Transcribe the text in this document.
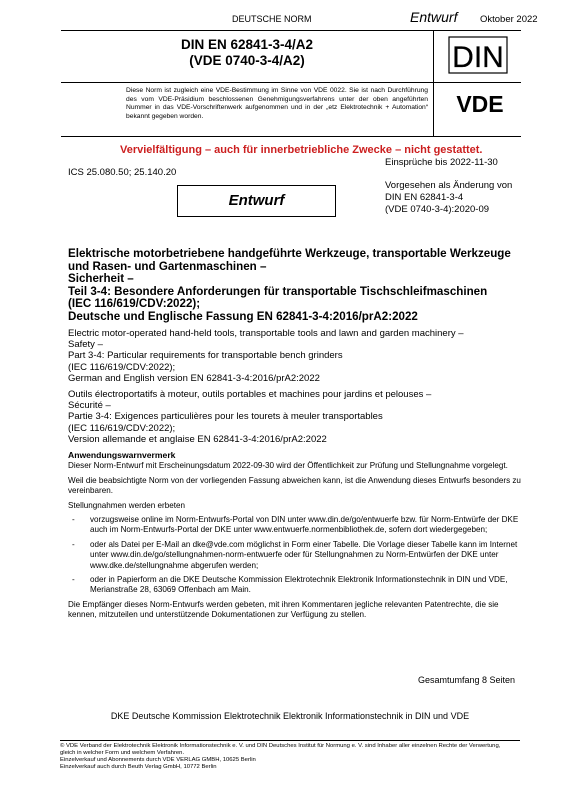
DEUTSCHE NORM	Entwurf Oktober 2022
DIN EN 62841-3-4/A2
(VDE 0740-3-4/A2)	DIN
Diese Norm ist zugleich eine VDE-Bestimmung im Sinne von VDE 0022. Sie ist nach Durchführung des vom VDE-Präsidium beschlossenen Genehmigungsverfahrens unter der oben angeführten Nummer in das VDE-Vorschriftenwerk aufgenommen und in der „etz Elektrotechnik + Automation“ bekannt gegeben worden.	VDE
Vervielfältigung – auch für innerbetriebliche Zwecke – nicht gestattet.
Einsprüche bis 2022-11-30
ICS 25.080.50; 25.140.20
Vorgesehen als Änderung von
DIN EN 62841-3-4
(VDE 0740-3-4):2020-09
Entwurf
Elektrische motorbetriebene handgeführte Werkzeuge, transportable Werkzeuge
und Rasen- und Gartenmaschinen –
Sicherheit –
Teil 3-4: Besondere Anforderungen für transportable Tischschleifmaschinen
(IEC 116/619/CDV:2022);
Deutsche und Englische Fassung EN 62841-3-4:2016/prA2:2022
Electric motor-operated hand-held tools, transportable tools and lawn and garden machinery –
Safety –
Part 3-4: Particular requirements for transportable bench grinders
(IEC 116/619/CDV:2022);
German and English version EN 62841-3-4:2016/prA2:2022
Outils électroportatifs à moteur, outils portables et machines pour jardins et pelouses –
Sécurité –
Partie 3-4: Exigences particulières pour les tourets à meuler transportables
(IEC 116/619/CDV:2022);
Version allemande et anglaise EN 62841-3-4:2016/prA2:2022
Anwendungswarnvermerk

Dieser Norm-Entwurf mit Erscheinungsdatum 2022-09-30 wird der Öffentlichkeit zur Prüfung und Stellungnahme vorgelegt.

Weil die beabsichtigte Norm von der vorliegenden Fassung abweichen kann, ist die Anwendung dieses Entwurfs besonders zu vereinbaren.

Stellungnahmen werden erbeten

-	vorzugsweise online im Norm-Entwurfs-Portal von DIN unter www.din.de/go/entwuerfe bzw. für Norm-Entwürfe der DKE auch im Norm-Entwurfs-Portal der DKE unter www.entwuerfe.normenbibliothek.de, sofern dort wiedergegeben;
-	oder als Datei per E-Mail an dke@vde.com möglichst in Form einer Tabelle. Die Vorlage dieser Tabelle kann im Internet unter www.din.de/go/stellungnahmen-norm-entwuerfe oder für Stellungnahmen zu Norm-Entwürfen der DKE unter www.dke.de/stellungnahme abgerufen werden;
-	oder in Papierform an die DKE Deutsche Kommission Elektrotechnik Elektronik Informationstechnik in DIN und VDE, Merianstraße 28, 63069 Offenbach am Main.

Die Empfänger dieses Norm-Entwurfs werden gebeten, mit ihren Kommentaren jegliche relevanten Patentrechte, die sie kennen, mitzuteilen und unterstützende Dokumentationen zur Verfügung zu stellen.

Gesamtumfang 8 Seiten
DKE Deutsche Kommission Elektrotechnik Elektronik Informationstechnik in DIN und VDE
© VDE Verband der Elektrotechnik Elektronik Informationstechnik e. V. und DIN Deutsches Institut für Normung e. V. sind Inhaber aller einzelnen Rechte der Verwertung,
gleich in welcher Form und welchem Verfahren.
Einzelverkauf und Abonnements durch VDE VERLAG GMBH, 10625 Berlin
Einzelverkauf auch durch Beuth Verlag GmbH, 10772 Berlin
